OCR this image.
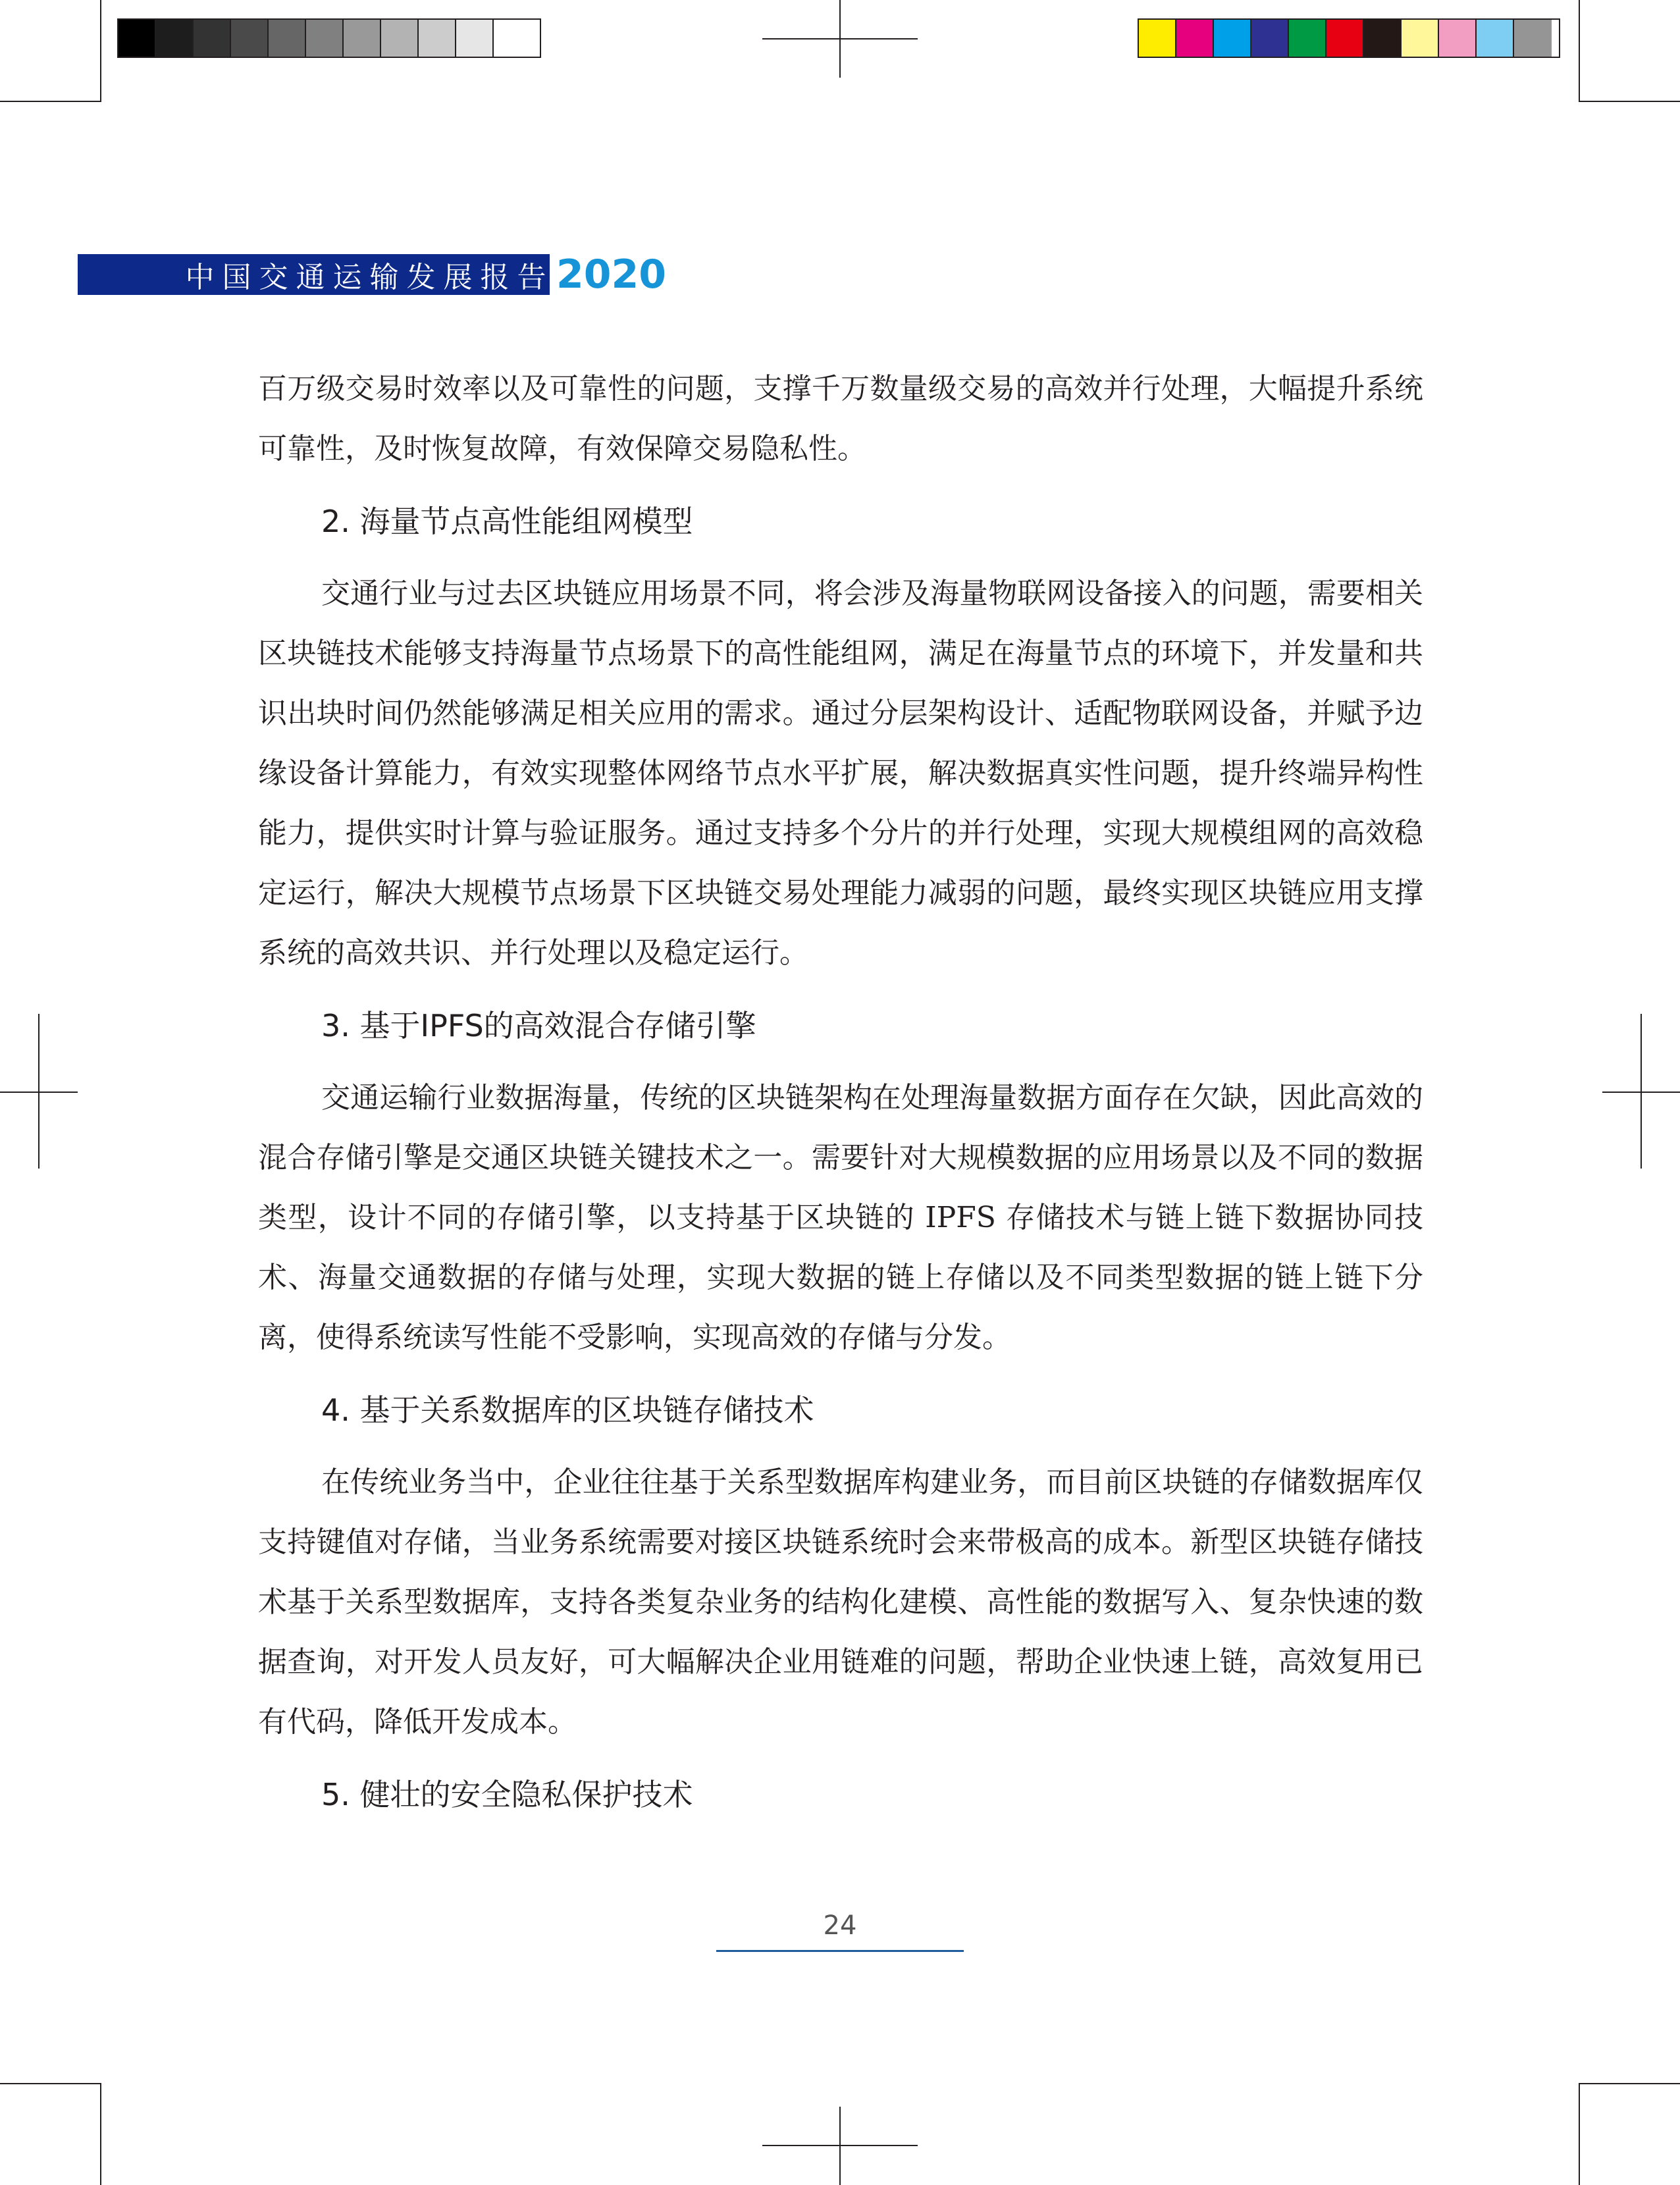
中国交通运输发展报告 2020

百万级交易时效率以及可靠性的问题，支撑千万数量级交易的高效并行处理，大幅提升系统可靠性，及时恢复故障，有效保障交易隐私性。

2. 海量节点高性能组网模型

交通行业与过去区块链应用场景不同，将会涉及海量物联网设备接入的问题，需要相关区块链技术能够支持海量节点场景下的高性能组网，满足在海量节点的环境下，并发量和共识出块时间仍然能够满足相关应用的需求。通过分层架构设计、适配物联网设备，并赋予边缘设备计算能力，有效实现整体网络节点水平扩展，解决数据真实性问题，提升终端异构性能力，提供实时计算与验证服务。通过支持多个分片的并行处理，实现大规模组网的高效稳定运行，解决大规模节点场景下区块链交易处理能力减弱的问题，最终实现区块链应用支撑系统的高效共识、并行处理以及稳定运行。

3. 基于IPFS的高效混合存储引擎

交通运输行业数据海量，传统的区块链架构在处理海量数据方面存在欠缺，因此高效的混合存储引擎是交通区块链关键技术之一。需要针对大规模数据的应用场景以及不同的数据类型，设计不同的存储引擎，以支持基于区块链的 IPFS 存储技术与链上链下数据协同技术、海量交通数据的存储与处理，实现大数据的链上存储以及不同类型数据的链上链下分离，使得系统读写性能不受影响，实现高效的存储与分发。

4. 基于关系数据库的区块链存储技术

在传统业务当中，企业往往基于关系型数据库构建业务，而目前区块链的存储数据库仅支持键值对存储，当业务系统需要对接区块链系统时会来带极高的成本。新型区块链存储技术基于关系型数据库，支持各类复杂业务的结构化建模、高性能的数据写入、复杂快速的数据查询，对开发人员友好，可大幅解决企业用链难的问题，帮助企业快速上链，高效复用已有代码，降低开发成本。

5. 健壮的安全隐私保护技术
24
